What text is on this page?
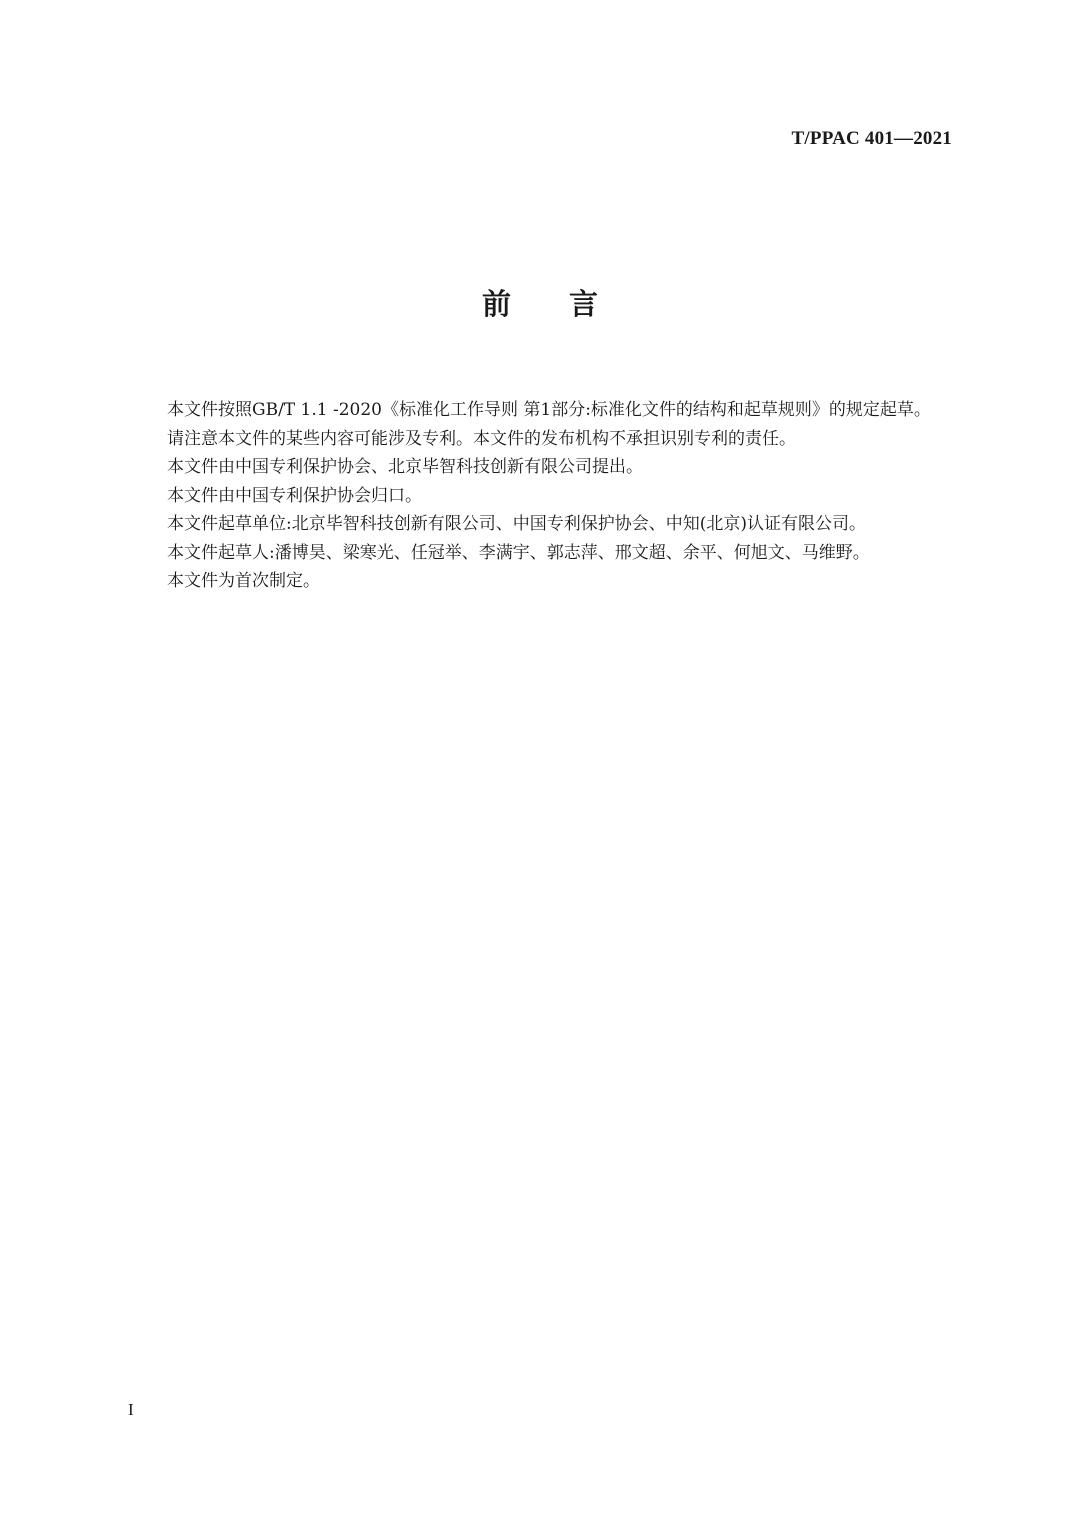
T/PPAC 401—2021
前言

本文件按照GB/T 1.1 -2020《标准化工作导则 第1部分:标准化文件的结构和起草规则》的规定起草。

请注意本文件的某些内容可能涉及专利。本文件的发布机构不承担识别专利的责任。

本文件由中国专利保护协会、北京毕智科技创新有限公司提出。

本文件由中国专利保护协会归口。

本文件起草单位:北京毕智科技创新有限公司、中国专利保护协会、中知(北京)认证有限公司。

本文件起草人:潘博昊、梁寒光、任冠举、李满宇、郭志萍、邢文超、余平、何旭文、马维野。

本文件为首次制定。

I
